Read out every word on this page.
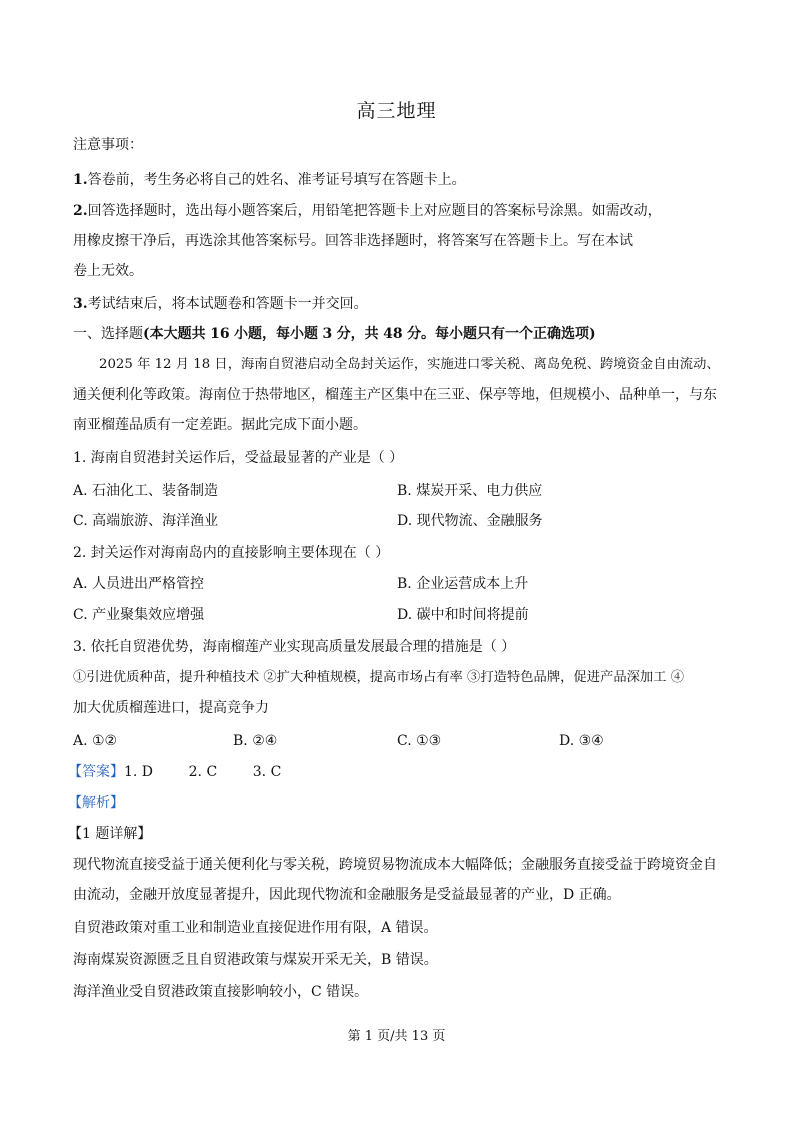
高三地理
注意事项：
1.答卷前，考生务必将自己的姓名、准考证号填写在答题卡上。
2.回答选择题时，选出每小题答案后，用铅笔把答题卡上对应题目的答案标号涂黑。如需改动，
用橡皮擦干净后，再选涂其他答案标号。回答非选择题时，将答案写在答题卡上。写在本试
卷上无效。
3.考试结束后，将本试题卷和答题卡一并交回。
一、选择题(本大题共 16 小题，每小题 3 分，共 48 分。每小题只有一个正确选项)
2025 年 12 月 18 日，海南自贸港启动全岛封关运作，实施进口零关税、离岛免税、跨境资金自由流动、
通关便利化等政策。海南位于热带地区，榴莲主产区集中在三亚、保亭等地，但规模小、品种单一，与东
南亚榴莲品质有一定差距。据此完成下面小题。
1. 海南自贸港封关运作后，受益最显著的产业是（ ）
A. 石油化工、装备制造	B. 煤炭开采、电力供应
C. 高端旅游、海洋渔业	D. 现代物流、金融服务
2. 封关运作对海南岛内的直接影响主要体现在（ ）
A. 人员进出严格管控	B. 企业运营成本上升
C. 产业聚集效应增强	D. 碳中和时间将提前
3. 依托自贸港优势，海南榴莲产业实现高质量发展最合理的措施是（ ）
①引进优质种苗，提升种植技术 ②扩大种植规模，提高市场占有率 ③打造特色品牌，促进产品深加工 ④
加大优质榴莲进口，提高竞争力
A. ①②	B. ②④	C. ①③	D. ③④
【答案】1. D        2. C        3. C
【解析】
【1 题详解】
现代物流直接受益于通关便利化与零关税，跨境贸易物流成本大幅降低；金融服务直接受益于跨境资金自
由流动，金融开放度显著提升，因此现代物流和金融服务是受益最显著的产业，D 正确。
自贸港政策对重工业和制造业直接促进作用有限，A 错误。
海南煤炭资源匮乏且自贸港政策与煤炭开采无关，B 错误。
海洋渔业受自贸港政策直接影响较小，C 错误。
第 1 页/共 13 页
